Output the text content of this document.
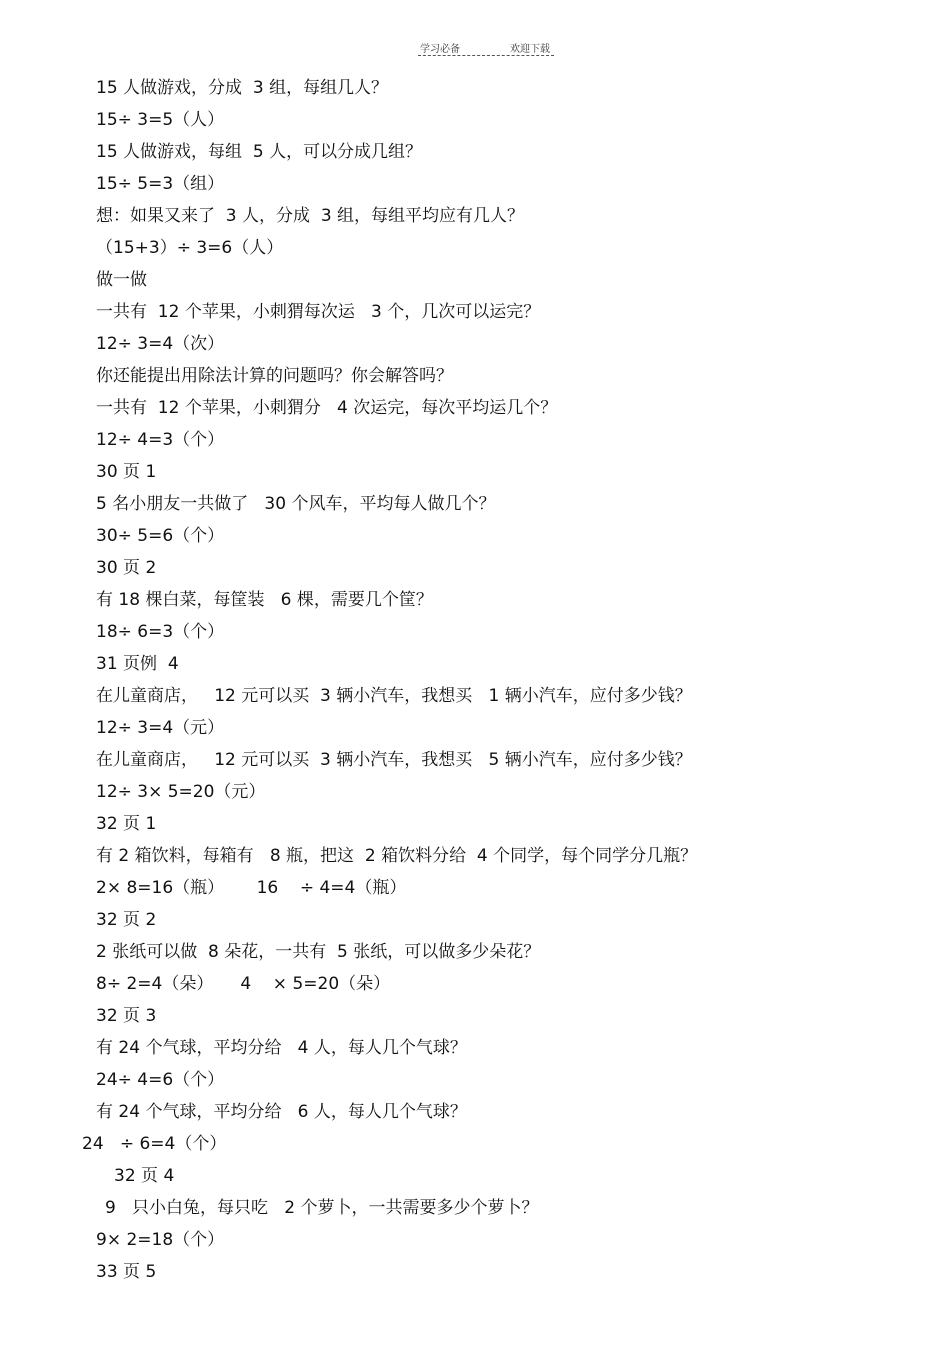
学习必备	欢迎下载
15 人做游戏，分成  3 组，每组几人？
15÷ 3=5（人）
15 人做游戏，每组  5 人，可以分成几组？
15÷ 5=3（组）
想：如果又来了  3 人，分成  3 组，每组平均应有几人？
（15+3）÷ 3=6（人）
做一做
一共有  12 个苹果，小刺猬每次运   3 个，几次可以运完？
12÷ 3=4（次）
你还能提出用除法计算的问题吗？你会解答吗？
一共有  12 个苹果，小刺猬分   4 次运完，每次平均运几个？
12÷ 4=3（个）
30 页 1
5 名小朋友一共做了   30 个风车，平均每人做几个？
30÷ 5=6（个）
30 页 2
有 18 棵白菜，每筐装   6 棵，需要几个筐？
18÷ 6=3（个）
31 页例  4
在儿童商店，   12 元可以买  3 辆小汽车，我想买   1 辆小汽车，应付多少钱？
12÷ 3=4（元）
在儿童商店，   12 元可以买  3 辆小汽车，我想买   5 辆小汽车，应付多少钱？
12÷ 3× 5=20（元）
32 页 1
有 2 箱饮料，每箱有   8 瓶，把这  2 箱饮料分给  4 个同学，每个同学分几瓶？
2× 8=16（瓶）      16    ÷ 4=4（瓶）
32 页 2
2 张纸可以做  8 朵花，一共有  5 张纸，可以做多少朵花？
8÷ 2=4（朵）     4    × 5=20（朵）
32 页 3
有 24 个气球，平均分给   4 人，每人几个气球？
24÷ 4=6（个）
有 24 个气球，平均分给   6 人，每人几个气球？
24   ÷ 6=4（个）
32 页 4
9   只小白兔，每只吃   2 个萝卜，一共需要多少个萝卜？
9× 2=18（个）
33 页 5
